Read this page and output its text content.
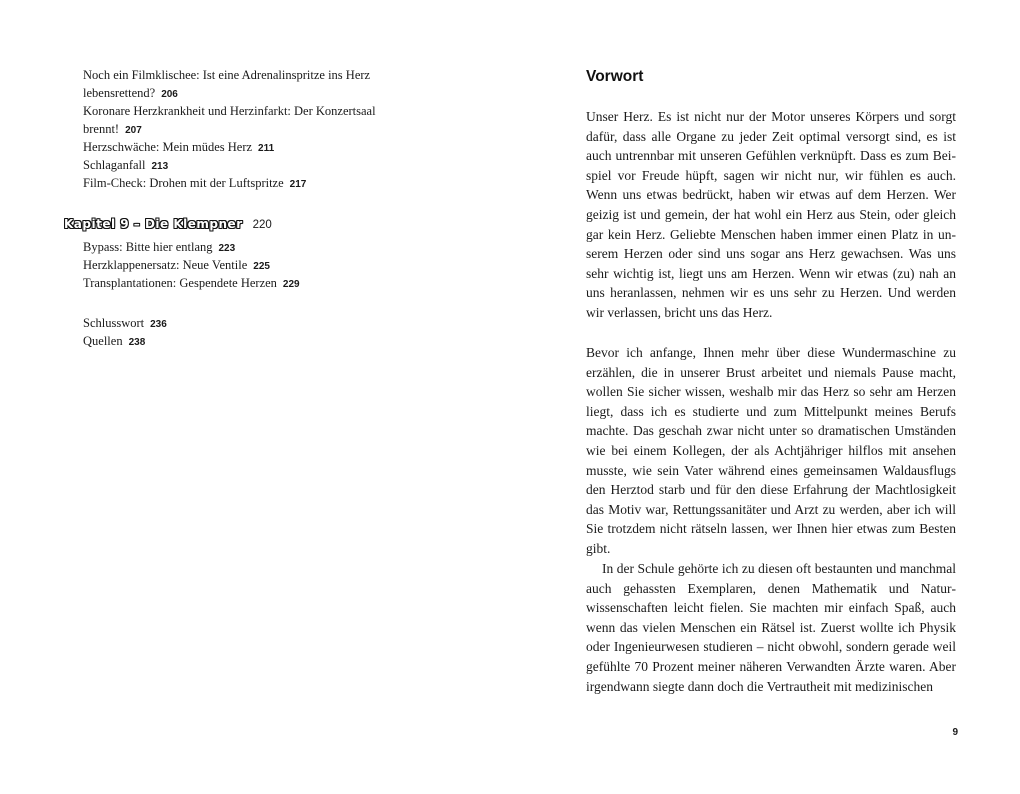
Noch ein Filmklischee: Ist eine Adrenalinspritze ins Herz lebensrettend? 206
Koronare Herzkrankheit und Herzinfarkt: Der Konzertsaal brennt! 207
Herzschwäche: Mein müdes Herz 211
Schlaganfall 213
Film-Check: Drohen mit der Luftspritze 217
Kapitel 9 – Die Klempner 220
Bypass: Bitte hier entlang 223
Herzklappenersatz: Neue Ventile 225
Transplantationen: Gespendete Herzen 229
Schlusswort 236
Quellen 238
Vorwort

Unser Herz. Es ist nicht nur der Motor unseres Körpers und sorgt dafür, dass alle Organe zu jeder Zeit optimal versorgt sind, es ist auch untrennbar mit unseren Gefühlen verknüpft. Dass es zum Beispiel vor Freude hüpft, sagen wir nicht nur, wir fühlen es auch. Wenn uns etwas bedrückt, haben wir etwas auf dem Herzen. Wer geizig ist und gemein, der hat wohl ein Herz aus Stein, oder gleich gar kein Herz. Geliebte Menschen haben immer einen Platz in unserem Herzen oder sind uns sogar ans Herz gewachsen. Was uns sehr wichtig ist, liegt uns am Herzen. Wenn wir etwas (zu) nah an uns heranlassen, nehmen wir es uns sehr zu Herzen. Und werden wir verlassen, bricht uns das Herz.

Bevor ich anfange, Ihnen mehr über diese Wundermaschine zu erzählen, die in unserer Brust arbeitet und niemals Pause macht, wollen Sie sicher wissen, weshalb mir das Herz so sehr am Herzen liegt, dass ich es studierte und zum Mittelpunkt meines Berufs machte. Das geschah zwar nicht unter so dramatischen Umständen wie bei einem Kollegen, der als Achtjähriger hilflos mit ansehen musste, wie sein Vater während eines gemeinsamen Waldausflugs den Herztod starb und für den diese Erfahrung der Machtlosigkeit das Motiv war, Rettungssanitäter und Arzt zu werden, aber ich will Sie trotzdem nicht rätseln lassen, wer Ihnen hier etwas zum Besten gibt.

In der Schule gehörte ich zu diesen oft bestaunten und manchmal auch gehassten Exemplaren, denen Mathematik und Naturwissenschaften leicht fielen. Sie machten mir einfach Spaß, auch wenn das vielen Menschen ein Rätsel ist. Zuerst wollte ich Physik oder Ingenieurwesen studieren – nicht obwohl, sondern gerade weil gefühlte 70 Prozent meiner näheren Verwandten Ärzte waren. Aber irgendwann siegte dann doch die Vertrautheit mit medizinischen

9
